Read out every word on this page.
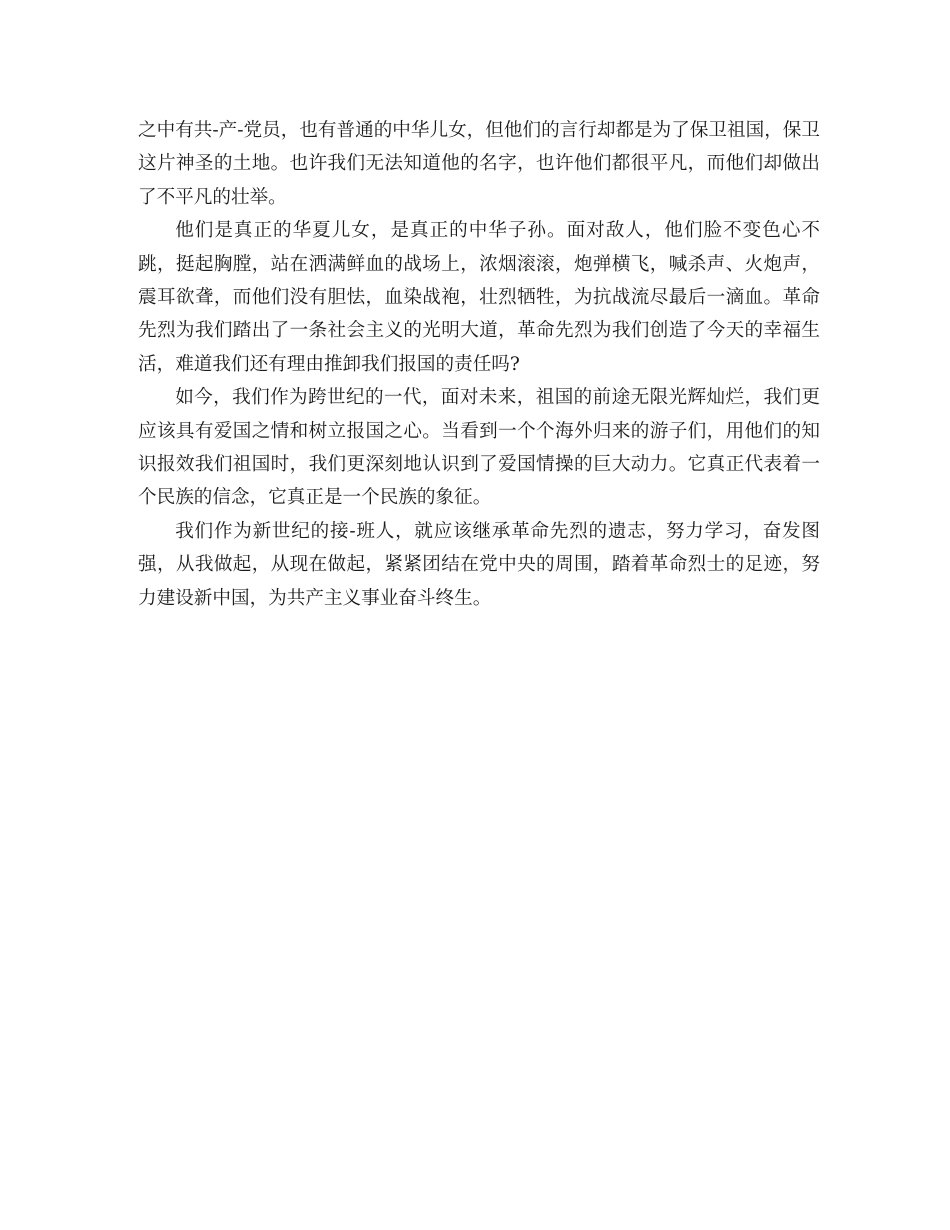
之中有共-产-党员，也有普通的中华儿女，但他们的言行却都是为了保卫祖国，保卫这片神圣的土地。也许我们无法知道他的名字，也许他们都很平凡，而他们却做出了不平凡的壮举。

他们是真正的华夏儿女，是真正的中华子孙。面对敌人，他们脸不变色心不跳，挺起胸膛，站在洒满鲜血的战场上，浓烟滚滚，炮弹横飞，喊杀声、火炮声，震耳欲聋，而他们没有胆怯，血染战袍，壮烈牺牲，为抗战流尽最后一滴血。革命先烈为我们踏出了一条社会主义的光明大道，革命先烈为我们创造了今天的幸福生活，难道我们还有理由推卸我们报国的责任吗?

如今，我们作为跨世纪的一代，面对未来，祖国的前途无限光辉灿烂，我们更应该具有爱国之情和树立报国之心。当看到一个个海外归来的游子们，用他们的知识报效我们祖国时，我们更深刻地认识到了爱国情操的巨大动力。它真正代表着一个民族的信念，它真正是一个民族的象征。

我们作为新世纪的接-班人，就应该继承革命先烈的遗志，努力学习，奋发图强，从我做起，从现在做起，紧紧团结在党中央的周围，踏着革命烈士的足迹，努力建设新中国，为共产主义事业奋斗终生。
